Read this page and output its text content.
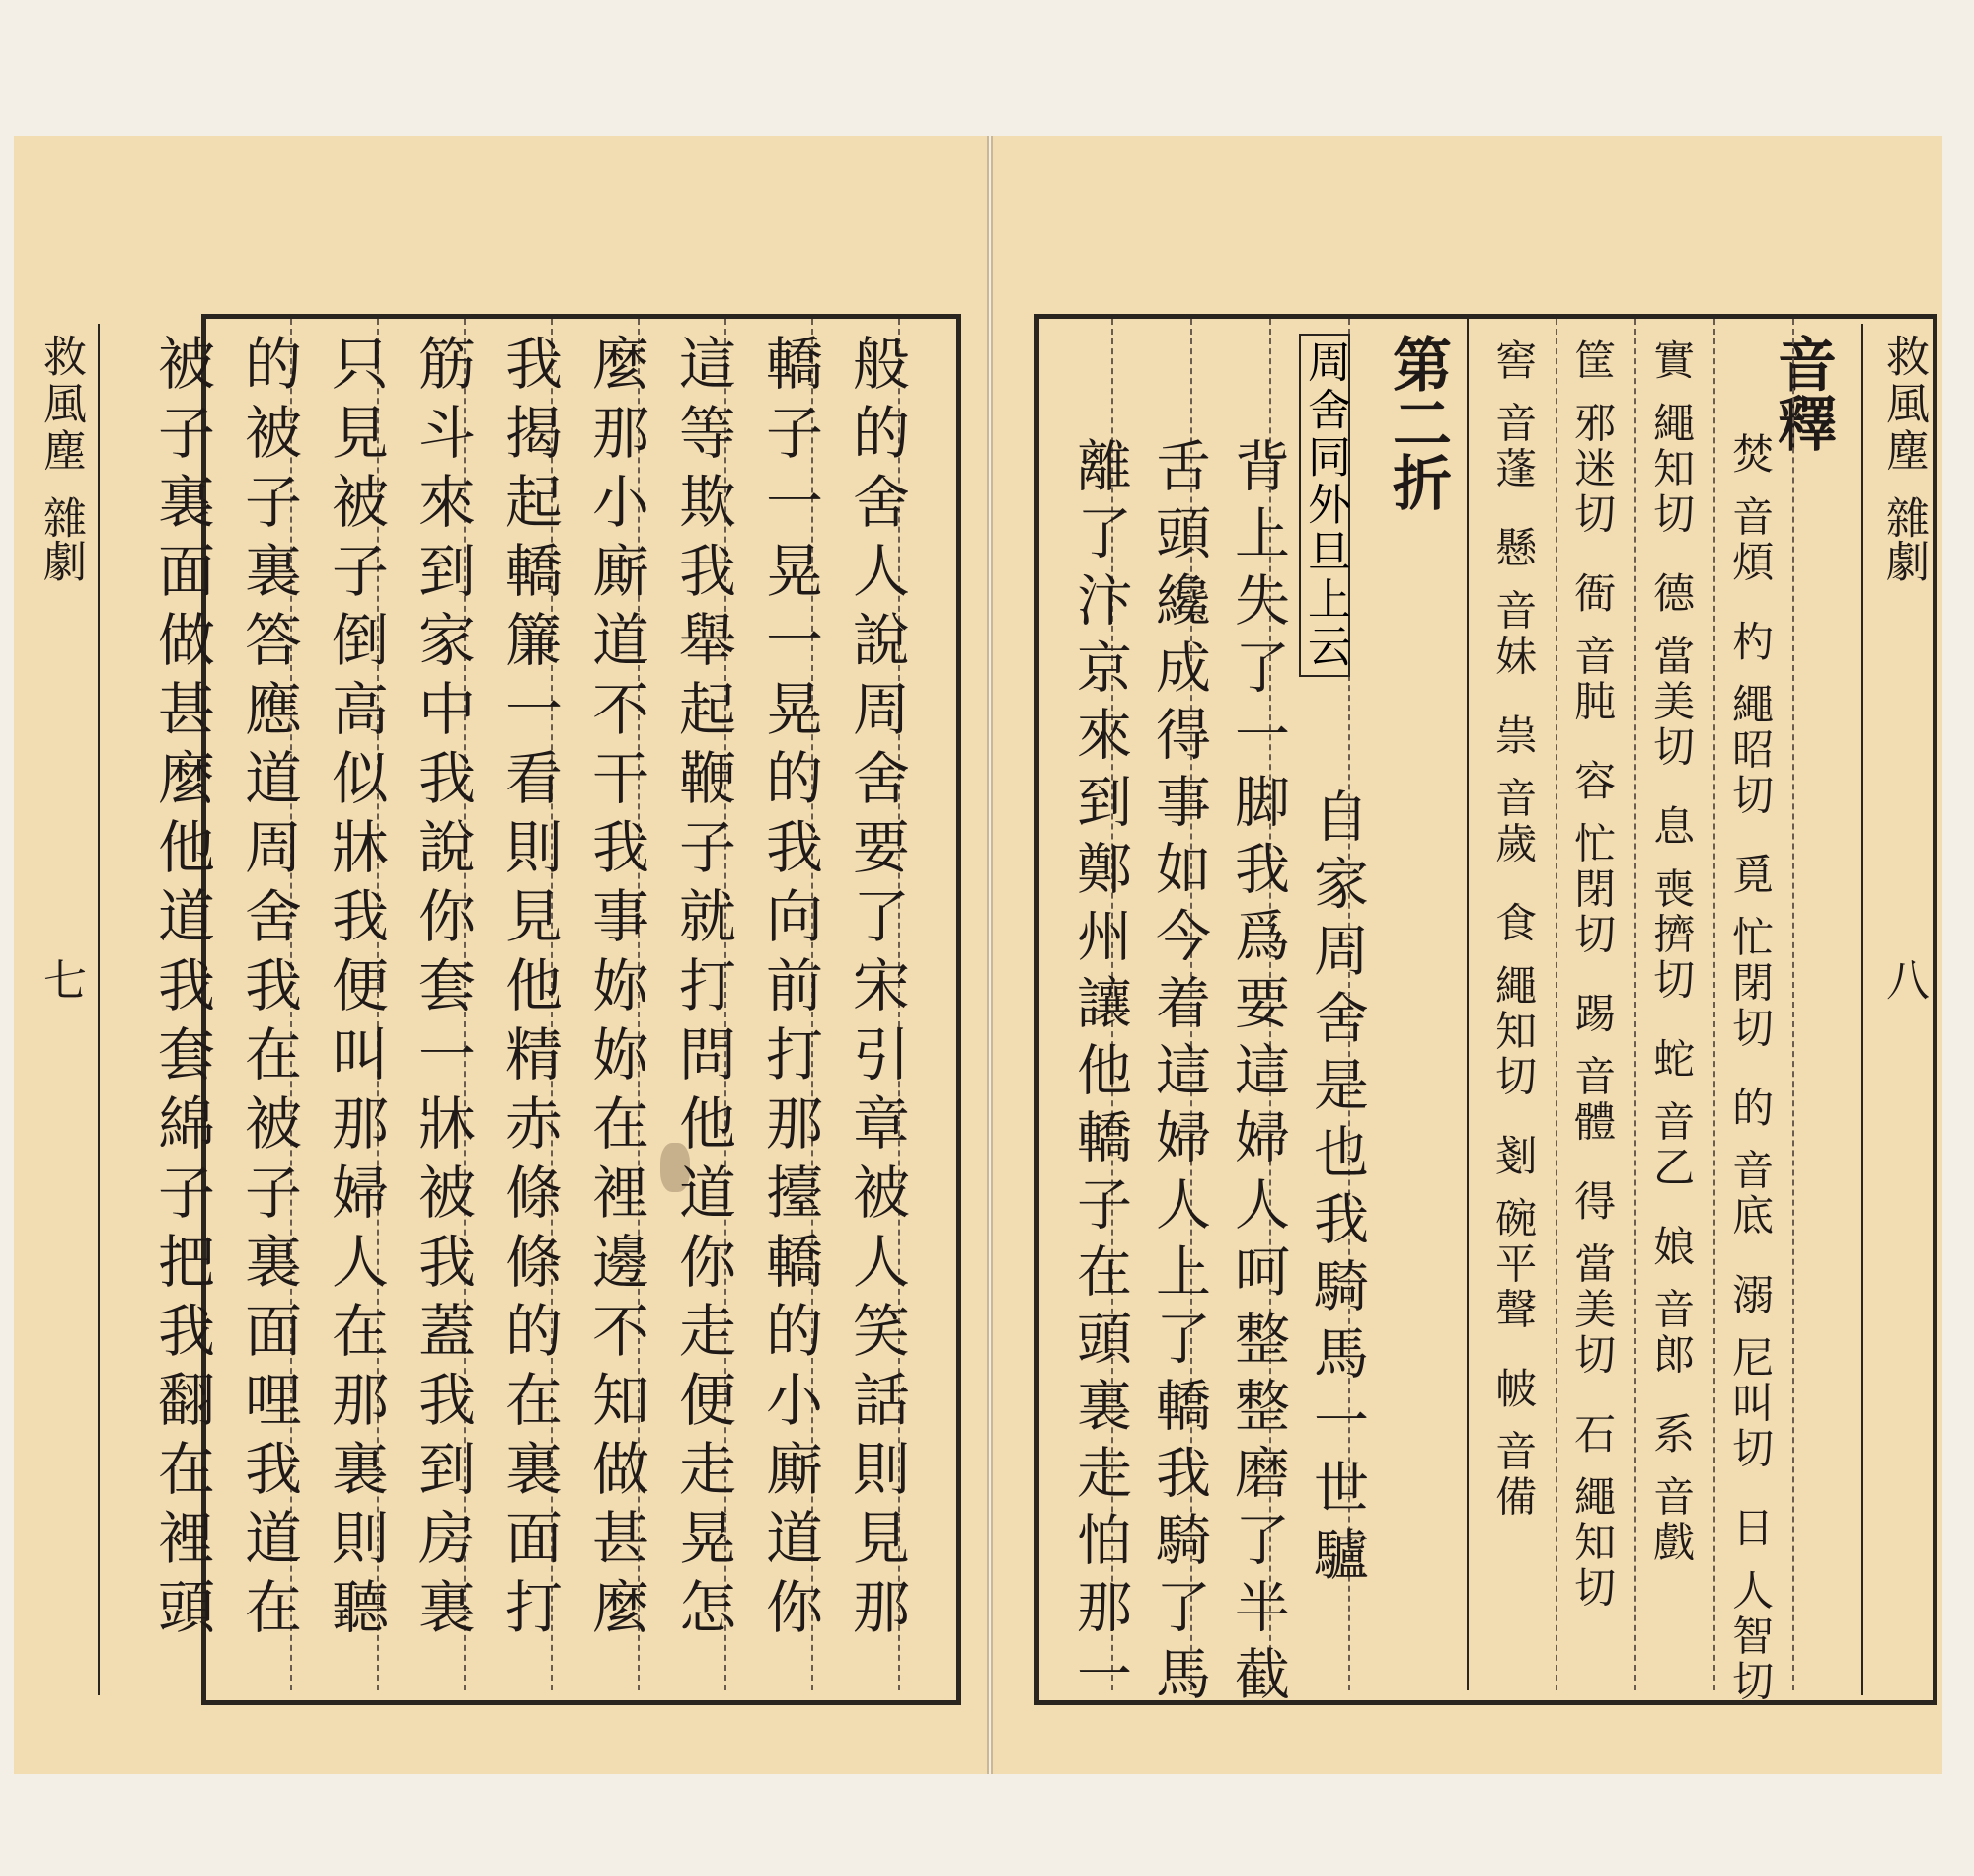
救風塵
雜劇
七	般的舍人說周舍要了宋引章被人笑話則見那
轎子一晃一晃的我向前打那擡轎的小廝道你
這等欺我舉起鞭子就打問他道你走便走晃怎
麼那小廝道不干我事妳妳在裡邊不知做甚麼
我揭起轎簾一看則見他精赤條條的在裏面打
筋斗來到家中我說你套一牀被我蓋我到房裏
只見被子倒高似牀我便叫那婦人在那裏則聽
的被子裏答應道周舍我在被子裏面哩我道在
被子裏面做甚麼他道我套綿子把我翻在裡頭	救風塵
雜劇
八
音釋
第二折
周舍同外旦上云
自家周舍是也我騎馬一世驢
背上失了一脚我爲要這婦人呵整整磨了半截
舌頭纔成得事如今着這婦人上了轎我騎了馬
離了汴京來到鄭州讓他轎子在頭裏走怕那一	焚 音煩  杓 繩昭切  覓 忙閉切  的 音底  溺 尼叫切  日 人智切
實 繩知切  德 當美切  息 喪擠切  蛇 音乙  娘 音郎  系 音戲
筐 邪迷切  衙 音肫  容 忙閉切  踢 音體  得 當美切  石 繩知切
窖 音蓬  懸 音妹  祟 音歲  食 繩知切  剗 碗平聲  帔 音備
